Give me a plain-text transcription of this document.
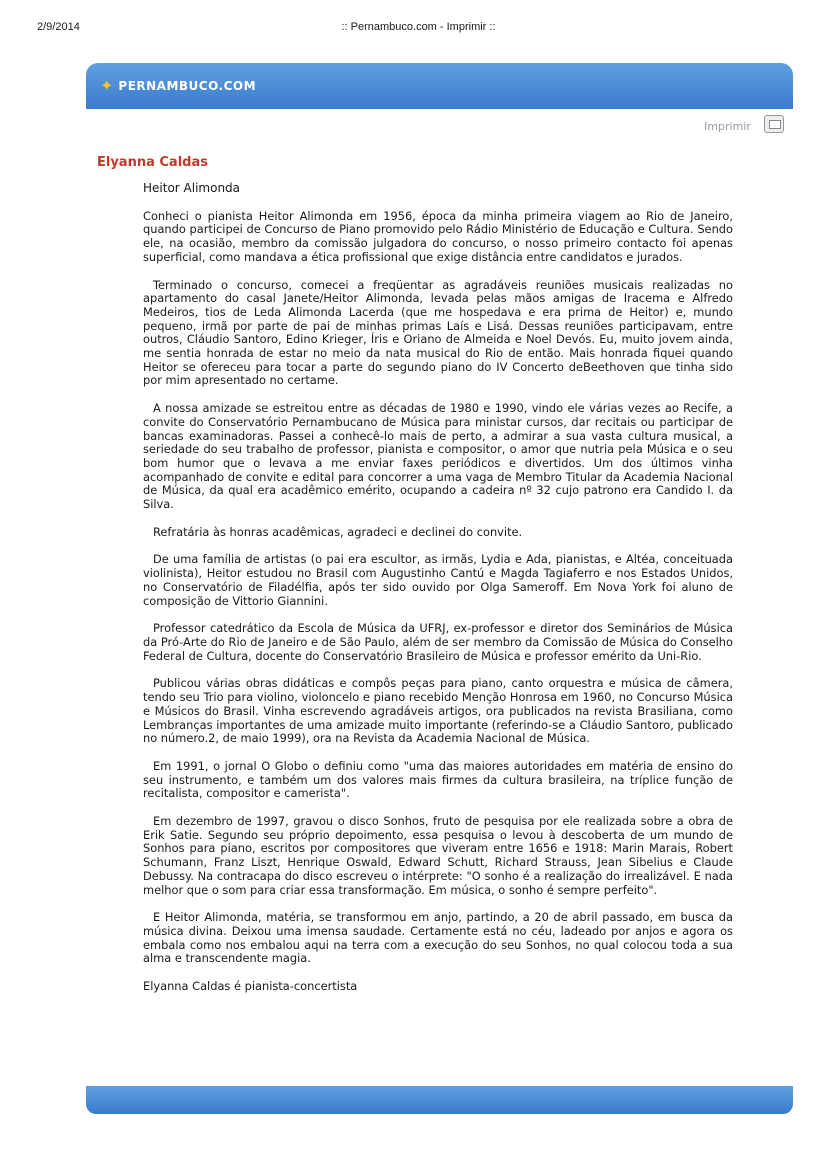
2/9/2014	:: Pernambuco.com - Imprimir ::
✦ PERNAMBUCO.COM
Imprimir
Elyanna Caldas
Heitor Alimonda

Conheci o pianista Heitor Alimonda em 1956, época da minha primeira viagem ao Rio de Janeiro, quando participei de Concurso de Piano promovido pelo Rádio Ministério de Educação e Cultura. Sendo ele, na ocasião, membro da comissão julgadora do concurso, o nosso primeiro contacto foi apenas superficial, como mandava a ética profissional que exige distância entre candidatos e jurados.

Terminado o concurso, comecei a freqüentar as agradáveis reuniões musicais realizadas no apartamento do casal Janete/Heitor Alimonda, levada pelas mãos amigas de Iracema e Alfredo Medeiros, tios de Leda Alimonda Lacerda (que me hospedava e era prima de Heitor) e, mundo pequeno, irmã por parte de pai de minhas primas Laís e Lisá. Dessas reuniões participavam, entre outros, Cláudio Santoro, Edino Krieger, Íris e Oriano de Almeida e Noel Devós. Eu, muito jovem ainda, me sentia honrada de estar no meio da nata musical do Rio de então. Mais honrada fiquei quando Heitor se ofereceu para tocar a parte do segundo piano do IV Concerto deBeethoven que tinha sido por mim apresentado no certame.

A nossa amizade se estreitou entre as décadas de 1980 e 1990, vindo ele várias vezes ao Recife, a convite do Conservatório Pernambucano de Música para ministar cursos, dar recitais ou participar de bancas examinadoras. Passei a conhecê-lo mais de perto, a admirar a sua vasta cultura musical, a seriedade do seu trabalho de professor, pianista e compositor, o amor que nutria pela Música e o seu bom humor que o levava a me enviar faxes periódicos e divertidos. Um dos últimos vinha acompanhado de convite e edital para concorrer a uma vaga de Membro Titular da Academia Nacional de Música, da qual era acadêmico emérito, ocupando a cadeira nº 32 cujo patrono era Candido I. da Silva.

Refratária às honras acadêmicas, agradeci e declinei do convite.

De uma família de artistas (o pai era escultor, as irmãs, Lydia e Ada, pianistas, e Altéa, conceituada violinista), Heitor estudou no Brasil com Augustinho Cantú e Magda Tagiaferro e nos Estados Unidos, no Conservatório de Filadélfia, após ter sido ouvido por Olga Sameroff. Em Nova York foi aluno de composição de Vittorio Giannini.

Professor catedrático da Escola de Música da UFRJ, ex-professor e diretor dos Seminários de Música da Pró-Arte do Rio de Janeiro e de São Paulo, além de ser membro da Comissão de Música do Conselho Federal de Cultura, docente do Conservatório Brasileiro de Música e professor emérito da Uni-Rio.

Publicou várias obras didáticas e compôs peças para piano, canto orquestra e música de câmera, tendo seu Trio para violino, violoncelo e piano recebido Menção Honrosa em 1960, no Concurso Música e Músicos do Brasil. Vinha escrevendo agradáveis artigos, ora publicados na revista Brasiliana, como Lembranças importantes de uma amizade muito importante (referindo-se a Cláudio Santoro, publicado no número.2, de maio 1999), ora na Revista da Academia Nacional de Música.

Em 1991, o jornal O Globo o definiu como "uma das maiores autoridades em matéria de ensino do seu instrumento, e também um dos valores mais firmes da cultura brasileira, na tríplice função de recitalista, compositor e camerista".

Em dezembro de 1997, gravou o disco Sonhos, fruto de pesquisa por ele realizada sobre a obra de Erik Satie. Segundo seu próprio depoimento, essa pesquisa o levou à descoberta de um mundo de Sonhos para piano, escritos por compositores que viveram entre 1656 e 1918: Marin Marais, Robert Schumann, Franz Liszt, Henrique Oswald, Edward Schutt, Richard Strauss, Jean Sibelius e Claude Debussy. Na contracapa do disco escreveu o intérprete: "O sonho é a realização do irrealizável. E nada melhor que o som para criar essa transformação. Em música, o sonho é sempre perfeito".

E Heitor Alimonda, matéria, se transformou em anjo, partindo, a 20 de abril passado, em busca da música divina. Deixou uma imensa saudade. Certamente está no céu, ladeado por anjos e agora os embala como nos embalou aqui na terra com a execução do seu Sonhos, no qual colocou toda a sua alma e transcendente magia.

Elyanna Caldas é pianista-concertista
